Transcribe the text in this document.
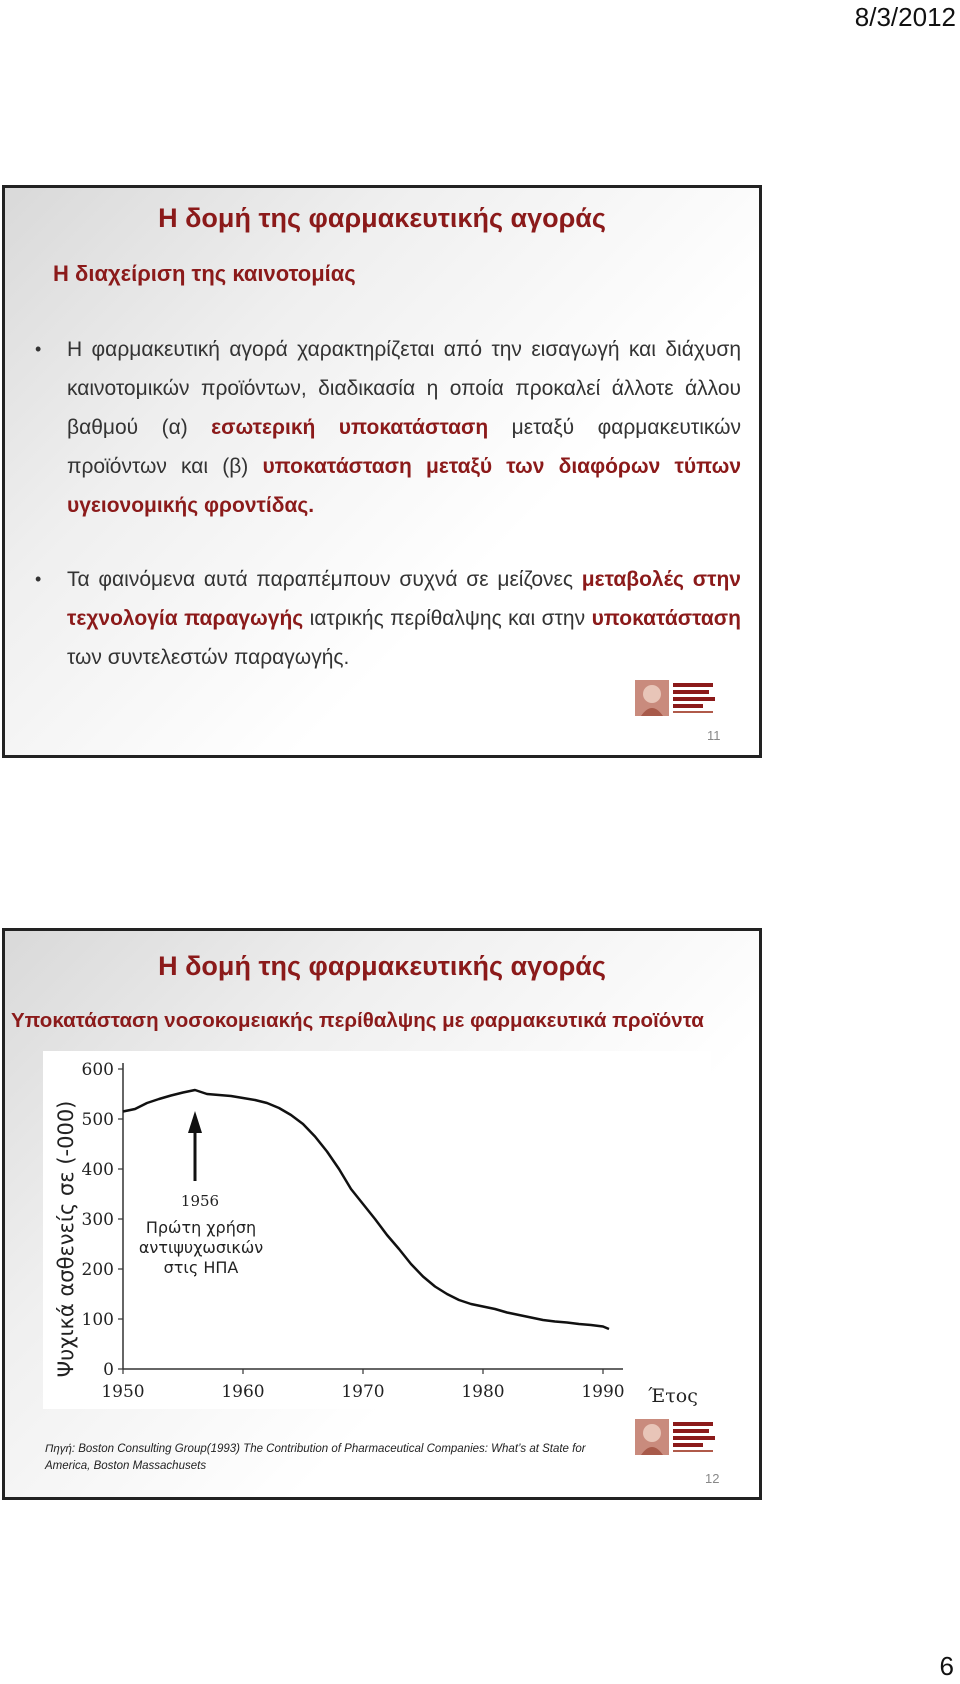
8/3/2012
Η δομή της φαρμακευτικής αγοράς
Η διαχείριση της καινοτομίας
• Η φαρμακευτική αγορά χαρακτηρίζεται από την εισαγωγή και διάχυση καινοτομικών προϊόντων, διαδικασία η οποία προκαλεί άλλοτε άλλου βαθμού (α) εσωτερική υποκατάσταση μεταξύ φαρμακευτικών προϊόντων και (β) υποκατάσταση μεταξύ των διαφόρων τύπων υγειονομικής φροντίδας.
• Τα φαινόμενα αυτά παραπέμπουν συχνά σε μείζονες μεταβολές στην τεχνολογία παραγωγής ιατρικής περίθαλψης και στην υποκατάσταση των συντελεστών παραγωγής.
11
Η δομή της φαρμακευτικής αγοράς
Υποκατάσταση νοσοκομειακής περίθαλψης με φαρμακευτικά προϊόντα
0
100
200
300
400
500
600
1950	1960	1970	1980	1990 Έτος
Ψυχικά ασθενείς σε (-000)	1956
Πρώτη χρήση
αντιψυχωσικών
στις ΗΠΑ
Πηγή: Boston Consulting Group(1993) The Contribution of Pharmaceutical Companies: What’s at State for
America, Boston Massachusets
12
6
